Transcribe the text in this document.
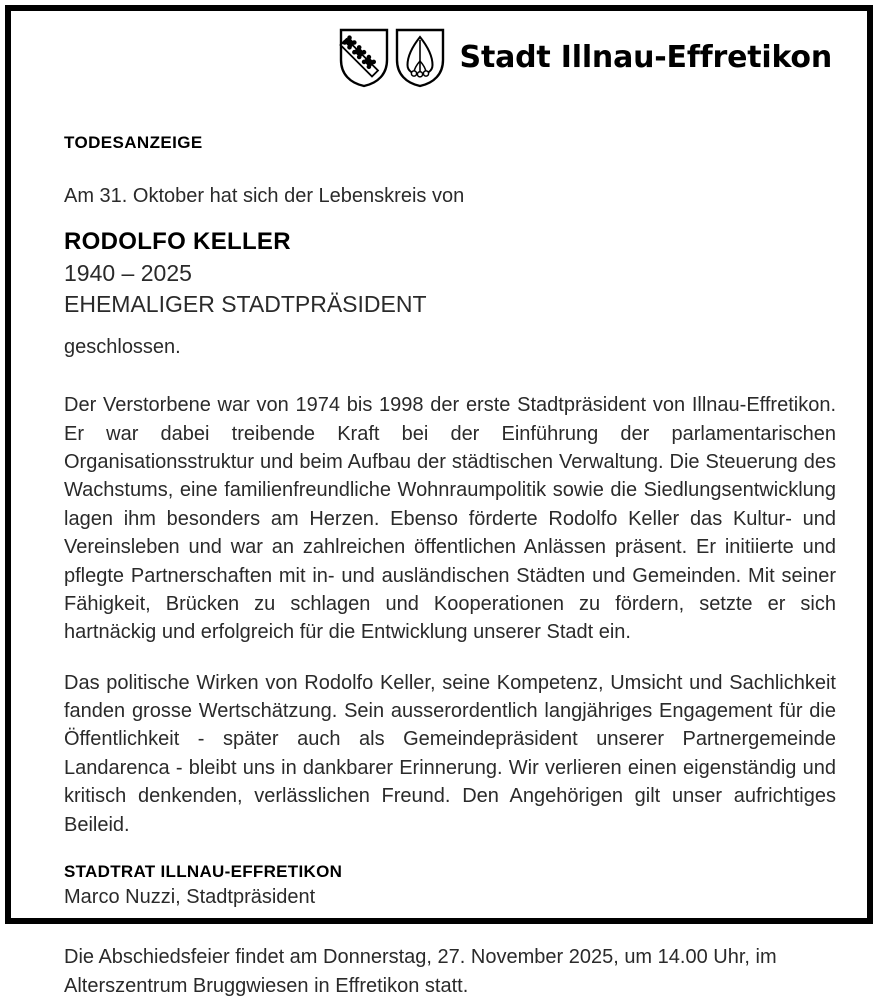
Stadt Illnau-Effretikon
TODESANZEIGE
Am 31. Oktober hat sich der Lebenskreis von
RODOLFO KELLER
1940 – 2025
EHEMALIGER STADTPRÄSIDENT
geschlossen.

Der Verstorbene war von 1974 bis 1998 der erste Stadtpräsident von Illnau-Effretikon. Er war dabei treibende Kraft bei der Einführung der parlamentarischen Organisationsstruktur und beim Aufbau der städtischen Verwaltung. Die Steuerung des Wachstums, eine familienfreundliche Wohnraumpolitik sowie die Siedlungsentwicklung lagen ihm besonders am Herzen. Ebenso förderte Rodolfo Keller das Kultur- und Vereinsleben und war an zahlreichen öffentlichen Anlässen präsent. Er initiierte und pflegte Partnerschaften mit in- und ausländischen Städten und Gemeinden. Mit seiner Fähigkeit, Brücken zu schlagen und Kooperationen zu fördern, setzte er sich hartnäckig und erfolgreich für die Entwicklung unserer Stadt ein.

Das politische Wirken von Rodolfo Keller, seine Kompetenz, Umsicht und Sachlichkeit fanden grosse Wertschätzung. Sein ausserordentlich langjähriges Engagement für die Öffentlichkeit - später auch als Gemeindepräsident unserer Partnergemeinde Landarenca - bleibt uns in dankbarer Erinnerung. Wir verlieren einen eigenständig und kritisch denkenden, verlässlichen Freund. Den Angehörigen gilt unser aufrichtiges Beileid.

STADTRAT ILLNAU-EFFRETIKON
Marco Nuzzi, Stadtpräsident
Die Abschiedsfeier findet am Donnerstag, 27. November 2025, um 14.00 Uhr, im Alterszentrum Bruggwiesen in Effretikon statt.
